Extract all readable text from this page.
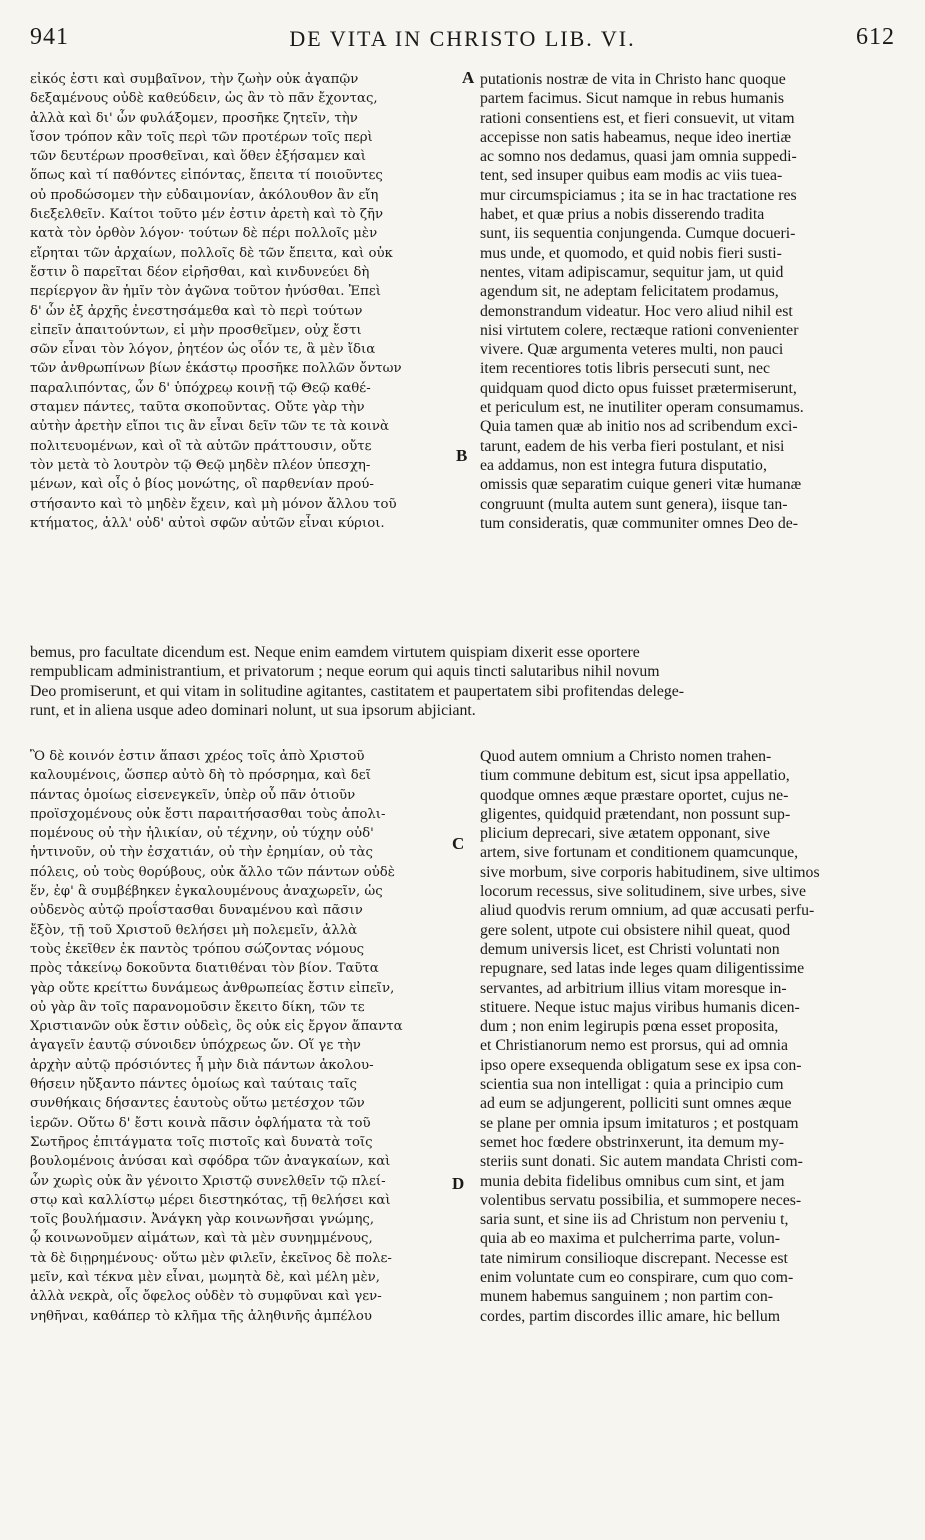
941	DE VITA IN CHRISTO LIB. VI.	612
A
B
C
D
εἰκός ἐστι καὶ συμβαῖνον, τὴν ζωὴν οὐκ ἀγαπῷν
δεξαμένους οὐδὲ καθεύδειν, ὡς ἂν τὸ πᾶν ἔχοντας,
ἀλλὰ καὶ δι' ὧν φυλάξομεν, προσῆκε ζητεῖν, τὴν
ἴσον τρόπον κἂν τοῖς περὶ τῶν προτέρων τοῖς περὶ
τῶν δευτέρων προσθεῖναι, καὶ ὅθεν ἐξήσαμεν καὶ
ὅπως καὶ τί παθόντες εἰπόντας, ἔπειτα τί ποιοῦντες
οὐ προδώσομεν τὴν εὐδαιμονίαν, ἀκόλουθον ἂν εἴη
διεξελθεῖν. Καίτοι τοῦτο μέν ἐστιν ἀρετὴ καὶ τὸ ζῆν
κατὰ τὸν ὀρθὸν λόγον· τούτων δὲ πέρι πολλοῖς μὲν
εἴρηται τῶν ἀρχαίων, πολλοῖς δὲ τῶν ἔπειτα, καὶ οὐκ
ἔστιν ὃ παρεῖται δέον εἰρῆσθαι, καὶ κινδυνεύει δὴ
περίεργον ἂν ἡμῖν τὸν ἀγῶνα τοῦτον ἠνύσθαι. Ἐπεὶ
δ' ὧν ἐξ ἀρχῆς ἐνεστησάμεθα καὶ τὸ περὶ τούτων
εἰπεῖν ἀπαιτούντων, εἰ μὴν προσθεῖμεν, οὐχ ἔστι
σῶν εἶναι τὸν λόγον, ῥητέον ὡς οἷόν τε, ἃ μὲν ἴδια
τῶν ἀνθρωπίνων βίων ἑκάστῳ προσῆκε πολλῶν ὄντων
παραλιπόντας, ὧν δ' ὑπόχρεῳ κοινῇ τῷ Θεῷ καθέ-
σταμεν πάντες, ταῦτα σκοποῦντας. Οὔτε γὰρ τὴν
αὐτὴν ἀρετὴν εἴποι τις ἂν εἶναι δεῖν τῶν τε τὰ κοινὰ
πολιτευομένων, καὶ οἳ τὰ αὑτῶν πράττουσιν, οὔτε
τὸν μετὰ τὸ λουτρὸν τῷ Θεῷ μηδὲν πλέον ὑπεσχη-
μένων, καὶ οἷς ὁ βίος μονώτης, οἳ παρθενίαν πρού-
στήσαντο καὶ τὸ μηδὲν ἔχειν, καὶ μὴ μόνον ἄλλου τοῦ
κτήματος, ἀλλ' οὐδ' αὐτοὶ σφῶν αὐτῶν εἶναι κύριοι.
putationis nostræ de vita in Christo hanc quoque
partem facimus. Sicut namque in rebus humanis
rationi consentiens est, et fieri consuevit, ut vitam
accepisse non satis habeamus, neque ideo inertiæ
ac somno nos dedamus, quasi jam omnia suppedi-
tent, sed insuper quibus eam modis ac viis tuea-
mur circumspiciamus ; ita se in hac tractatione res
habet, et quæ prius a nobis disserendo tradita
sunt, iis sequentia conjungenda. Cumque docueri-
mus unde, et quomodo, et quid nobis fieri susti-
nentes, vitam adipiscamur, sequitur jam, ut quid
agendum sit, ne adeptam felicitatem prodamus,
demonstrandum videatur. Hoc vero aliud nihil est
nisi virtutem colere, rectæque rationi convenienter
vivere. Quæ argumenta veteres multi, non pauci
item recentiores totis libris persecuti sunt, nec
quidquam quod dicto opus fuisset prætermiserunt,
et periculum est, ne inutiliter operam consumamus.
Quia tamen quæ ab initio nos ad scribendum exci-
tarunt, eadem de his verba fieri postulant, et nisi
ea addamus, non est integra futura disputatio,
omissis quæ separatim cuique generi vitæ humanæ
congruunt (multa autem sunt genera), iisque tan-
tum consideratis, quæ communiter omnes Deo de-
bemus, pro facultate dicendum est. Neque enim eamdem virtutem quispiam dixerit esse oportere
rempublicam administrantium, et privatorum ; neque eorum qui aquis tincti salutaribus nihil novum
Deo promiserunt, et qui vitam in solitudine agitantes, castitatem et paupertatem sibi profitendas delege-
runt, et in aliena usque adeo dominari nolunt, ut sua ipsorum abjiciant.
Ὃ δὲ κοινόν ἐστιν ἅπασι χρέος τοῖς ἀπὸ Χριστοῦ
καλουμένοις, ὥσπερ αὐτὸ δὴ τὸ πρόσρημα, καὶ δεῖ
πάντας ὁμοίως εἰσενεγκεῖν, ὑπὲρ οὗ πᾶν ὁτιοῦν
προϊσχομένους οὐκ ἔστι παραιτήσασθαι τοὺς ἀπολι-
πομένους οὐ τὴν ἡλικίαν, οὐ τέχνην, οὐ τύχην οὐδ'
ἡντινοῦν, οὐ τὴν ἐσχατιάν, οὐ τὴν ἐρημίαν, οὐ τὰς
πόλεις, οὐ τοὺς θορύβους, οὐκ ἄλλο τῶν πάντων οὐδὲ
ἕν, ἐφ' ἃ συμβέβηκεν ἐγκαλουμένους ἀναχωρεῖν, ὡς
οὐδενὸς αὐτῷ προΐστασθαι δυναμένου καὶ πᾶσιν
ἔξὸν, τῇ τοῦ Χριστοῦ θελήσει μὴ πολεμεῖν, ἀλλὰ
τοὺς ἐκεῖθεν ἐκ παντὸς τρόπου σώζοντας νόμους
πρὸς τἀκείνῳ δοκοῦντα διατιθέναι τὸν βίον. Ταῦτα
γὰρ οὔτε κρείττω δυνάμεως ἀνθρωπείας ἔστιν εἰπεῖν,
οὐ γὰρ ἂν τοῖς παρανομοῦσιν ἔκειτο δίκη, τῶν τε
Χριστιανῶν οὐκ ἔστιν οὐδεὶς, ὃς οὐκ εἰς ἔργον ἅπαντα
ἀγαγεῖν ἑαυτῷ σύνοιδεν ὑπόχρεως ὤν. Οἵ γε τὴν
ἀρχὴν αὐτῷ πρόσιόντες ἦ μὴν διὰ πάντων ἀκολου-
θήσειν ηὔξαντο πάντες ὁμοίως καὶ ταύταις ταῖς
συνθήκαις δήσαντες ἑαυτοὺς οὕτω μετέσχον τῶν
ἱερῶν. Οὕτω δ' ἔστι κοινὰ πᾶσιν ὀφλήματα τὰ τοῦ
Σωτῆρος ἐπιτάγματα τοῖς πιστοῖς καὶ δυνατὰ τοῖς
βουλομένοις ἀνύσαι καὶ σφόδρα τῶν ἀναγκαίων, καὶ
ὧν χωρὶς οὐκ ἂν γένοιτο Χριστῷ συνελθεῖν τῷ πλεί-
στῳ καὶ καλλίστῳ μέρει διεστηκότας, τῇ θελήσει καὶ
τοῖς βουλήμασιν. Ἀνάγκη γὰρ κοινωνῆσαι γνώμης,
ᾧ κοινωνοῦμεν αἱμάτων, καὶ τὰ μὲν συνημμένους,
τὰ δὲ διῃρημένους· οὕτω μὲν φιλεῖν, ἐκεῖνος δὲ πολε-
μεῖν, καὶ τέκνα μὲν εἶναι, μωμητὰ δὲ, καὶ μέλη μὲν,
ἀλλὰ νεκρὰ, οἷς ὄφελος οὐδὲν τὸ συμφῦναι καὶ γεν-
νηθῆναι, καθάπερ τὸ κλῆμα τῆς ἀληθινῆς ἀμπέλου
Quod autem omnium a Christo nomen trahen-
tium commune debitum est, sicut ipsa appellatio,
quodque omnes æque præstare oportet, cujus ne-
gligentes, quidquid prætendant, non possunt sup-
plicium deprecari, sive ætatem opponant, sive
artem, sive fortunam et conditionem quamcunque,
sive morbum, sive corporis habitudinem, sive ultimos
locorum recessus, sive solitudinem, sive urbes, sive
aliud quodvis rerum omnium, ad quæ accusati perfu-
gere solent, utpote cui obsistere nihil queat, quod
demum universis licet, est Christi voluntati non
repugnare, sed latas inde leges quam diligentissime
servantes, ad arbitrium illius vitam moresque in-
stituere. Neque istuc majus viribus humanis dicen-
dum ; non enim legirupis pœna esset proposita,
et Christianorum nemo est prorsus, qui ad omnia
ipso opere exsequenda obligatum sese ex ipsa con-
scientia sua non intelligat : quia a principio cum
ad eum se adjungerent, polliciti sunt omnes æque
se plane per omnia ipsum imitaturos ; et postquam
semet hoc fœdere obstrinxerunt, ita demum my-
steriis sunt donati. Sic autem mandata Christi com-
munia debita fidelibus omnibus cum sint, et jam
volentibus servatu possibilia, et summopere neces-
saria sunt, et sine iis ad Christum non perveniu t,
quia ab eo maxima et pulcherrima parte, volun-
tate nimirum consilioque discrepant. Necesse est
enim voluntate cum eo conspirare, cum quo com-
munem habemus sanguinem ; non partim con-
cordes, partim discordes illic amare, hic bellum
